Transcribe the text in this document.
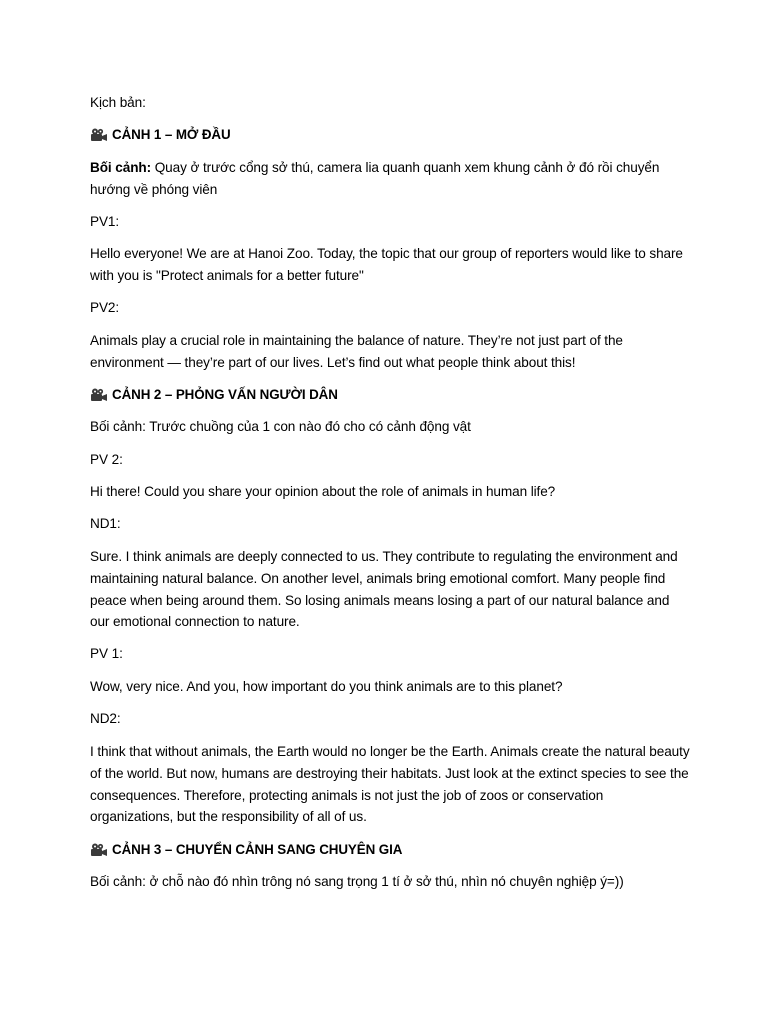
Kịch bản:
CẢNH 1 – MỞ ĐẦU
Bối cảnh: Quay ở trước cổng sở thú, camera lia quanh quanh xem khung cảnh ở đó rồi chuyển hướng về phóng viên
PV1:
Hello everyone! We are at Hanoi Zoo. Today, the topic that our group of reporters would like to share with you is "Protect animals for a better future"
PV2:
Animals play a crucial role in maintaining the balance of nature. They’re not just part of the environment — they’re part of our lives. Let’s find out what people think about this!
CẢNH 2 – PHỎNG VẤN NGƯỜI DÂN
Bối cảnh: Trước chuồng của 1 con nào đó cho có cảnh động vật
PV 2:
Hi there! Could you share your opinion about the role of animals in human life?
ND1:
Sure. I think animals are deeply connected to us. They contribute to regulating the environment and maintaining natural balance. On another level, animals bring emotional comfort. Many people find peace when being around them. So losing animals means losing a part of our natural balance and our emotional connection to nature.
PV 1:
Wow, very nice. And you, how important do you think animals are to this planet?
ND2:
I think that without animals, the Earth would no longer be the Earth. Animals create the natural beauty of the world. But now, humans are destroying their habitats. Just look at the extinct species to see the consequences. Therefore, protecting animals is not just the job of zoos or conservation organizations, but the responsibility of all of us.
CẢNH 3 – CHUYỂN CẢNH SANG CHUYÊN GIA
Bối cảnh: ở chỗ nào đó nhìn trông nó sang trọng 1 tí ở sở thú, nhìn nó chuyên nghiệp ý=))
